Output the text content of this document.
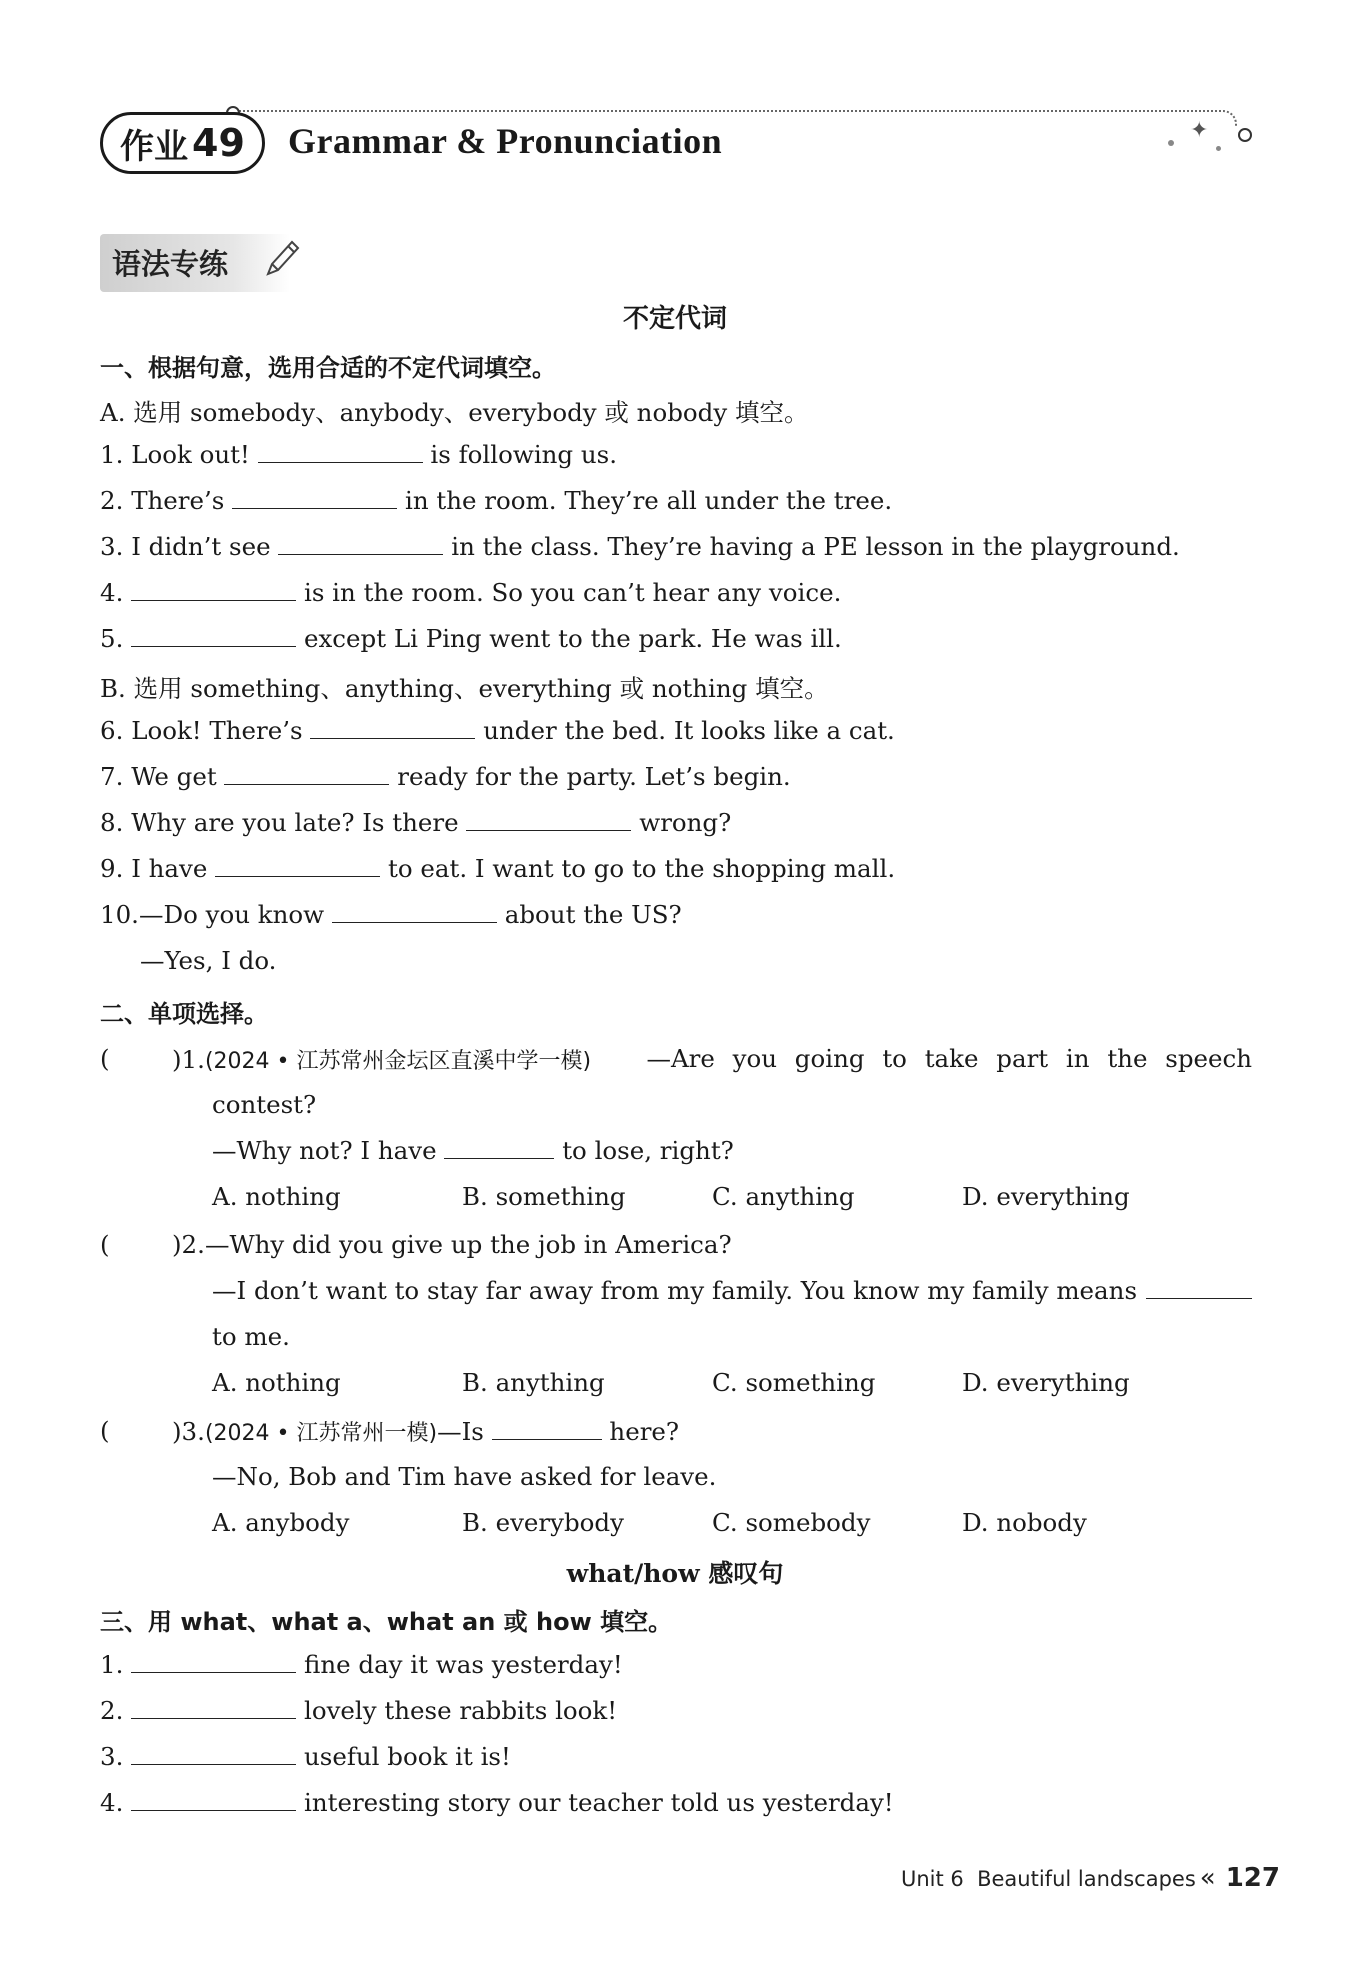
✦
作业 49 Grammar & Pronunciation
语法专练
不定代词
一、根据句意，选用合适的不定代词填空。
A. 选用 somebody、anybody、everybody 或 nobody 填空。
1. Look out!	is following us.
2. There’s	in the room. They’re all under the tree.
3. I didn’t see	in the class. They’re having a PE lesson in the playground.
4.	is in the room. So you can’t hear any voice.
5.	except Li Ping went to the park. He was ill.
B. 选用 something、anything、everything 或 nothing 填空。
6. Look! There’s	under the bed. It looks like a cat.
7. We get	ready for the party. Let’s begin.
8. Why are you late? Is there	wrong?
9. I have	to eat. I want to go to the shopping mall.
10.—Do you know	about the US?
—Yes, I do.
二、单项选择。
(	)1.(2024 • 江苏常州金坛区直溪中学一模) —Are you going to take part in the speech
contest?
—Why not? I have	to lose, right?
A. nothing	B. something	C. anything	D. everything
(	)2.—Why did you give up the job in America?
—I don’t want to stay far away from my family. You know my family means
to me.
A. nothing	B. anything	C. something	D. everything
(	)3.(2024 • 江苏常州一模)—Is	here?
—No, Bob and Tim have asked for leave.
A. anybody	B. everybody	C. somebody	D. nobody
what/how 感叹句
三、用 what、what a、what an 或 how 填空。
1.	fine day it was yesterday!
2.	lovely these rabbits look!
3.	useful book it is!
4.	interesting story our teacher told us yesterday!
Unit 6 Beautiful landscapes « 127
